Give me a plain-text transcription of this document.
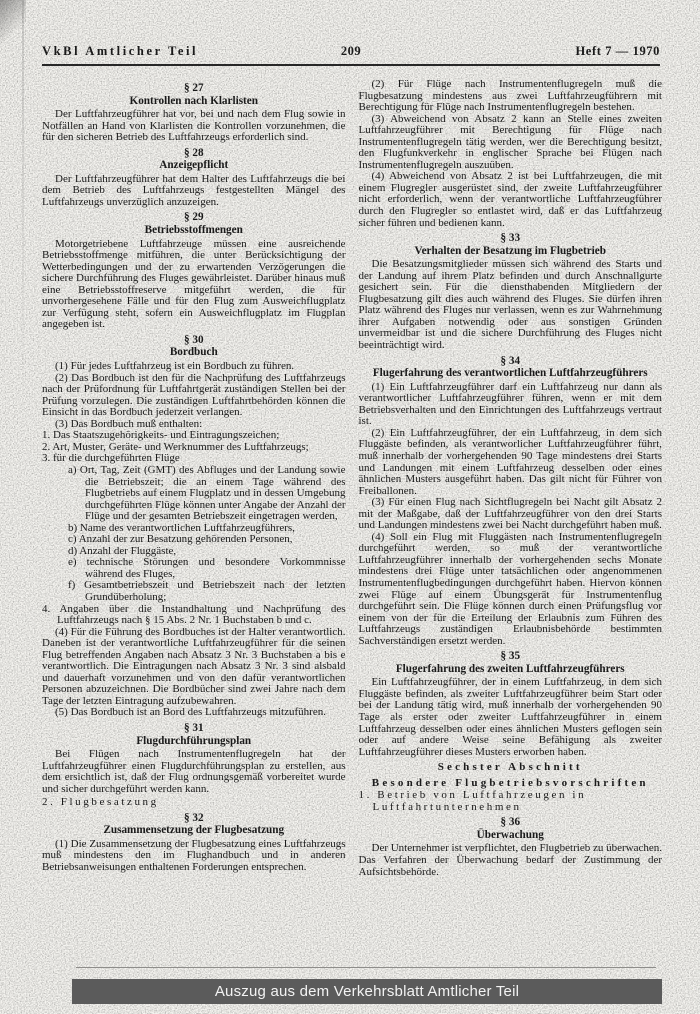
VkBl Amtlicher Teil	209	Heft 7 — 1970
§ 27
Kontrollen nach Klarlisten
Der Luftfahrzeugführer hat vor, bei und nach dem Flug sowie in Notfällen an Hand von Klarlisten die Kontrollen vorzunehmen, die für den sicheren Betrieb des Luftfahrzeugs erforderlich sind.
§ 28
Anzeigepflicht
Der Luftfahrzeugführer hat dem Halter des Luftfahrzeugs die bei dem Betrieb des Luftfahrzeugs festgestellten Mängel des Luftfahrzeugs unverzüglich anzuzeigen.
§ 29
Betriebsstoffmengen
Motorgetriebene Luftfahrzeuge müssen eine ausreichende Betriebsstoffmenge mitführen, die unter Berücksichtigung der Wetterbedingungen und der zu erwartenden Verzögerungen die sichere Durchführung des Fluges gewährleistet. Darüber hinaus muß eine Betriebsstoffreserve mitgeführt werden, die für unvorhergesehene Fälle und für den Flug zum Ausweichflugplatz zur Verfügung steht, sofern ein Ausweichflugplatz im Flugplan angegeben ist.
§ 30
Bordbuch
(1) Für jedes Luftfahrzeug ist ein Bordbuch zu führen.
(2) Das Bordbuch ist den für die Nachprüfung des Luftfahrzeugs nach der Prüfordnung für Luftfahrtgerät zuständigen Stellen bei der Prüfung vorzulegen. Die zuständigen Luftfahrtbehörden können die Einsicht in das Bordbuch jederzeit verlangen.
(3) Das Bordbuch muß enthalten:
1. Das Staatszugehörigkeits- und Eintragungszeichen;
2. Art, Muster, Geräte- und Werknummer des Luftfahrzeugs;
3. für die durchgeführten Flüge
a) Ort, Tag, Zeit (GMT) des Abfluges und der Landung sowie die Betriebszeit; die an einem Tage während des Flugbetriebs auf einem Flugplatz und in dessen Umgebung durchgeführten Flüge können unter Angabe der Anzahl der Flüge und der gesamten Betriebszeit eingetragen werden,
b) Name des verantwortlichen Luftfahrzeugführers,
c) Anzahl der zur Besatzung gehörenden Personen,
d) Anzahl der Fluggäste,
e) technische Störungen und besondere Vorkommnisse während des Fluges,
f) Gesamtbetriebszeit und Betriebszeit nach der letzten Grundüberholung;
4. Angaben über die Instandhaltung und Nachprüfung des Luftfahrzeugs nach § 15 Abs. 2 Nr. 1 Buchstaben b und c.
(4) Für die Führung des Bordbuches ist der Halter verantwortlich. Daneben ist der verantwortliche Luftfahrzeugführer für die seinen Flug betreffenden Angaben nach Absatz 3 Nr. 3 Buchstaben a bis e verantwortlich. Die Eintragungen nach Absatz 3 Nr. 3 sind alsbald und dauerhaft vorzunehmen und von den dafür verantwortlichen Personen abzuzeichnen. Die Bordbücher sind zwei Jahre nach dem Tage der letzten Eintragung aufzubewahren.
(5) Das Bordbuch ist an Bord des Luftfahrzeugs mitzuführen.
§ 31
Flugdurchführungsplan
Bei Flügen nach Instrumentenflugregeln hat der Luftfahrzeugführer einen Flugdurchführungsplan zu erstellen, aus dem ersichtlich ist, daß der Flug ordnungsgemäß vorbereitet wurde und sicher durchgeführt werden kann.
2. Flugbesatzung
§ 32
Zusammensetzung der Flugbesatzung
(1) Die Zusammensetzung der Flugbesatzung eines Luftfahrzeugs muß mindestens den im Flughandbuch und in anderen Betriebsanweisungen enthaltenen Forderungen entsprechen.
(2) Für Flüge nach Instrumentenflugregeln muß die Flugbesatzung mindestens aus zwei Luftfahrzeugführern mit Berechtigung für Flüge nach Instrumentenflugregeln bestehen.
(3) Abweichend von Absatz 2 kann an Stelle eines zweiten Luftfahrzeugführer mit Berechtigung für Flüge nach Instrumentenflugregeln tätig werden, wer die Berechtigung besitzt, den Flugfunkverkehr in englischer Sprache bei Flügen nach Instrumentenflugregeln auszuüben.
(4) Abweichend von Absatz 2 ist bei Luftfahrzeugen, die mit einem Flugregler ausgerüstet sind, der zweite Luftfahrzeugführer nicht erforderlich, wenn der verantwortliche Luftfahrzeugführer durch den Flugregler so entlastet wird, daß er das Luftfahrzeug sicher führen und bedienen kann.
§ 33
Verhalten der Besatzung im Flugbetrieb
Die Besatzungsmitglieder müssen sich während des Starts und der Landung auf ihrem Platz befinden und durch Anschnallgurte gesichert sein. Für die diensthabenden Mitgliedern der Flugbesatzung gilt dies auch während des Fluges. Sie dürfen ihren Platz während des Fluges nur verlassen, wenn es zur Wahrnehmung ihrer Aufgaben notwendig oder aus sonstigen Gründen unvermeidbar ist und die sichere Durchführung des Fluges nicht beeinträchtigt wird.
§ 34
Flugerfahrung des verantwortlichen Luftfahrzeugführers
(1) Ein Luftfahrzeugführer darf ein Luftfahrzeug nur dann als verantwortlicher Luftfahrzeugführer führen, wenn er mit dem Betriebsverhalten und den Einrichtungen des Luftfahrzeugs vertraut ist.
(2) Ein Luftfahrzeugführer, der ein Luftfahrzeug, in dem sich Fluggäste befinden, als verantworlicher Luftfahrzeugführer führt, muß innerhalb der vorhergehenden 90 Tage mindestens drei Starts und Landungen mit einem Luftfahrzeug desselben oder eines ähnlichen Musters ausgeführt haben. Das gilt nicht für Führer von Freiballonen.
(3) Für einen Flug nach Sichtflugregeln bei Nacht gilt Absatz 2 mit der Maßgabe, daß der Luftfahrzeugführer von den drei Starts und Landungen mindestens zwei bei Nacht durchgeführt haben muß.
(4) Soll ein Flug mit Fluggästen nach Instrumentenflugregeln durchgeführt werden, so muß der verantwortliche Luftfahrzeugführer innerhalb der vorhergehenden sechs Monate mindestens drei Flüge unter tatsächlichen oder angenommenen Instrumentenflugbedingungen durchgeführt haben. Hiervon können zwei Flüge auf einem Übungsgerät für Instrumentenflug durchgeführt sein. Die Flüge können durch einen Prüfungsflug vor einem von der für die Erteilung der Erlaubnis zum Führen des Luftfahrzeugs zuständigen Erlaubnisbehörde bestimmten Sachverständigen ersetzt werden.
§ 35
Flugerfahrung des zweiten Luftfahrzeugführers
Ein Luftfahrzeugführer, der in einem Luftfahrzeug, in dem sich Fluggäste befinden, als zweiter Luftfahrzeugführer beim Start oder bei der Landung tätig wird, muß innerhalb der vorhergehenden 90 Tage als erster oder zweiter Luftfahrzeugführer in einem Luftfahrzeug desselben oder eines ähnlichen Musters geflogen sein oder auf andere Weise seine Befähigung als zweiter Luftfahrzeugführer dieses Musters erworben haben.
Sechster Abschnitt
Besondere Flugbetriebsvorschriften
1. Betrieb von Luftfahrzeugen in Luftfahrtunternehmen
§ 36
Überwachung
Der Unternehmer ist verpflichtet, den Flugbetrieb zu überwachen. Das Verfahren der Überwachung bedarf der Zustimmung der Aufsichtsbehörde.
Auszug aus dem Verkehrsblatt Amtlicher Teil
